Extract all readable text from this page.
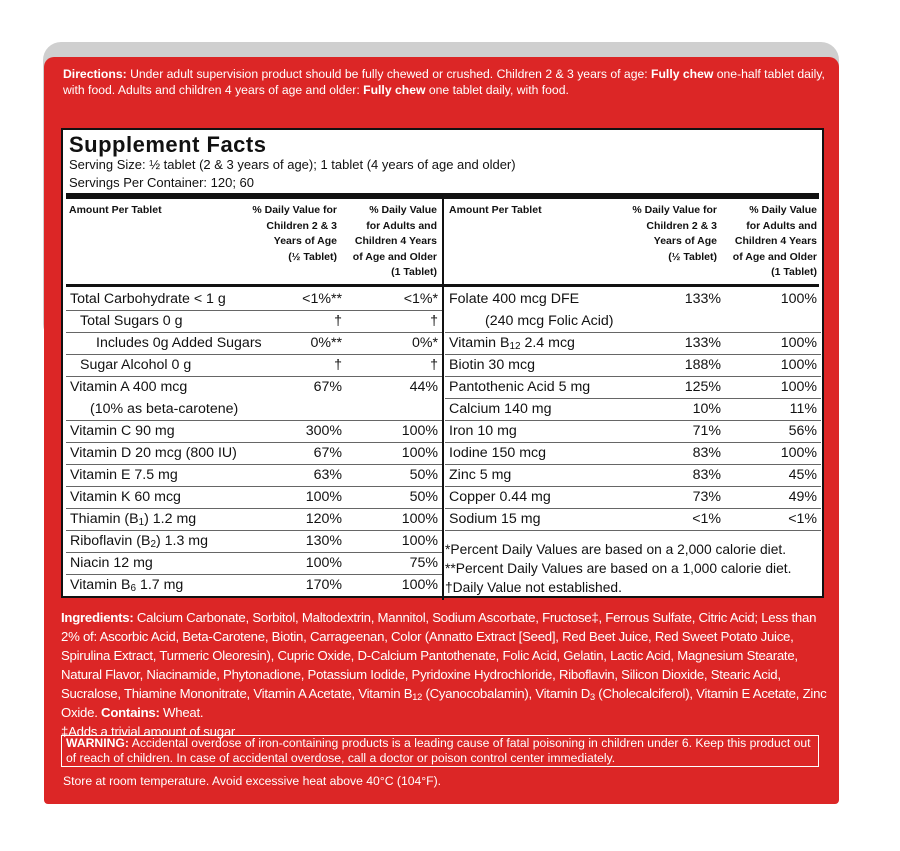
Directions: Under adult supervision product should be fully chewed or crushed. Children 2 & 3 years of age: Fully chew one-half tablet daily, with food. Adults and children 4 years of age and older: Fully chew one tablet daily, with food.
Supplement Facts
Serving Size: ½ tablet (2 & 3 years of age); 1 tablet (4 years of age and older)
Servings Per Container: 120; 60
Amount Per Tablet	% Daily Value for
Children 2 & 3
Years of Age
(½ Tablet)
% Daily Value
for Adults and
Children 4 Years
of Age and Older
(1 Tablet)
Amount Per Tablet	% Daily Value for
Children 2 & 3
Years of Age
(½ Tablet)
% Daily Value
for Adults and
Children 4 Years
of Age and Older
(1 Tablet)
Total Carbohydrate < 1 g	<1%**	<1%*
Total Sugars 0 g	†	†
Includes 0g Added Sugars	0%**	0%*
Sugar Alcohol 0 g	†	†
Vitamin A 400 mcg	67%	44%
(10% as beta-carotene)
Vitamin C 90 mg	300%	100%
Vitamin D 20 mcg (800 IU)	67%	100%
Vitamin E 7.5 mg	63%	50%
Vitamin K 60 mcg	100%	50%
Thiamin $(B_1)$ 1.2 mg	120%	100%
Riboflavin $(B_2)$ 1.3 mg	130%	100%
Niacin 12 mg	100%	75%
Vitamin $B_6$ 1.7 mg	170%	100%
Folate 400 mcg DFE	133%	100%
(240 mcg Folic Acid)
Vitamin $B_{12}$ 2.4 mcg	133%	100%
Biotin 30 mcg	188%	100%
Pantothenic Acid 5 mg	125%	100%
Calcium 140 mg	10%	11%
Iron 10 mg	71%	56%
Iodine 150 mcg	83%	100%
Zinc 5 mg	83%	45%
Copper 0.44 mg	73%	49%
Sodium 15 mg	<1%	<1%
*Percent Daily Values are based on a 2,000 calorie diet.
**Percent Daily Values are based on a 1,000 calorie diet.
†Daily Value not established.
Ingredients: Calcium Carbonate, Sorbitol, Maltodextrin, Mannitol, Sodium Ascorbate, Fructose‡, Ferrous Sulfate, Citric Acid; Less than 2% of: Ascorbic Acid, Beta-Carotene, Biotin, Carrageenan, Color (Annatto Extract [Seed], Red Beet Juice, Red Sweet Potato Juice, Spirulina Extract, Turmeric Oleoresin), Cupric Oxide, D-Calcium Pantothenate, Folic Acid, Gelatin, Lactic Acid, Magnesium Stearate, Natural Flavor, Niacinamide, Phytonadione, Potassium Iodide, Pyridoxine Hydrochloride, Riboflavin, Silicon Dioxide, Stearic Acid, Sucralose, Thiamine Mononitrate, Vitamin A Acetate, Vitamin $B_{12}$ (Cyanocobalamin), Vitamin $D_3$ (Cholecalciferol), Vitamin E Acetate, Zinc Oxide. Contains: Wheat.
‡Adds a trivial amount of sugar
WARNING: Accidental overdose of iron-containing products is a leading cause of fatal poisoning in children under 6. Keep this product out of reach of children. In case of accidental overdose, call a doctor or poison control center immediately.
Store at room temperature. Avoid excessive heat above 40°C (104°F).
